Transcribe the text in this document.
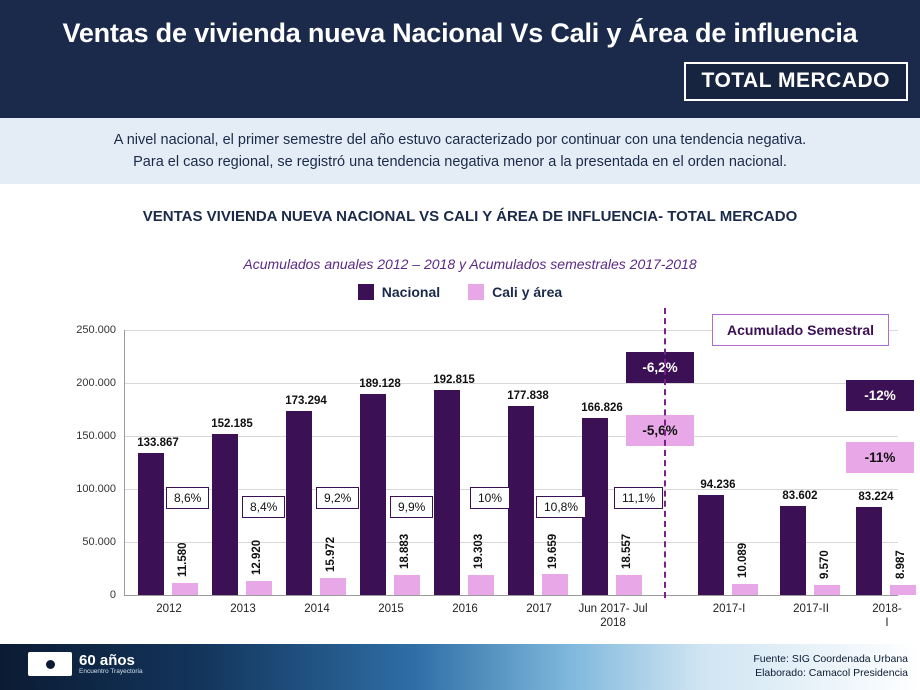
Ventas de vivienda nueva Nacional Vs Cali y Área de influencia
TOTAL MERCADO
A nivel nacional, el primer semestre del año estuvo caracterizado por continuar con una tendencia negativa.
Para el caso regional, se registró una tendencia negativa menor a la presentada en el orden nacional.
VENTAS VIVIENDA NUEVA NACIONAL VS CALI Y ÁREA DE INFLUENCIA- TOTAL MERCADO
Acumulados anuales 2012 – 2018 y Acumulados semestrales 2017-2018
Nacional	Cali y área
0
50.000
100.000
150.000
200.000
250.000
133.867
11.580
152.185
12.920
173.294
15.972
189.128
18.883
192.815
19.303
177.838
19.659
166.826
18.557
94.236
10.089
83.602
9.570
83.224
8.987
8,6%
8,4%
9,2%
9,9%
10%
10,8%
11,1%
-6,2%
-5,6%
-12%
-11%
Acumulado Semestral
2012	2013	2014	2015	2016	2017	Jun 2017- Jul 2018
2017-I	2017-II	2018-I
60 años
Encuentro Trayectoria
Fuente: SIG Coordenada Urbana
Elaborado: Camacol Presidencia
